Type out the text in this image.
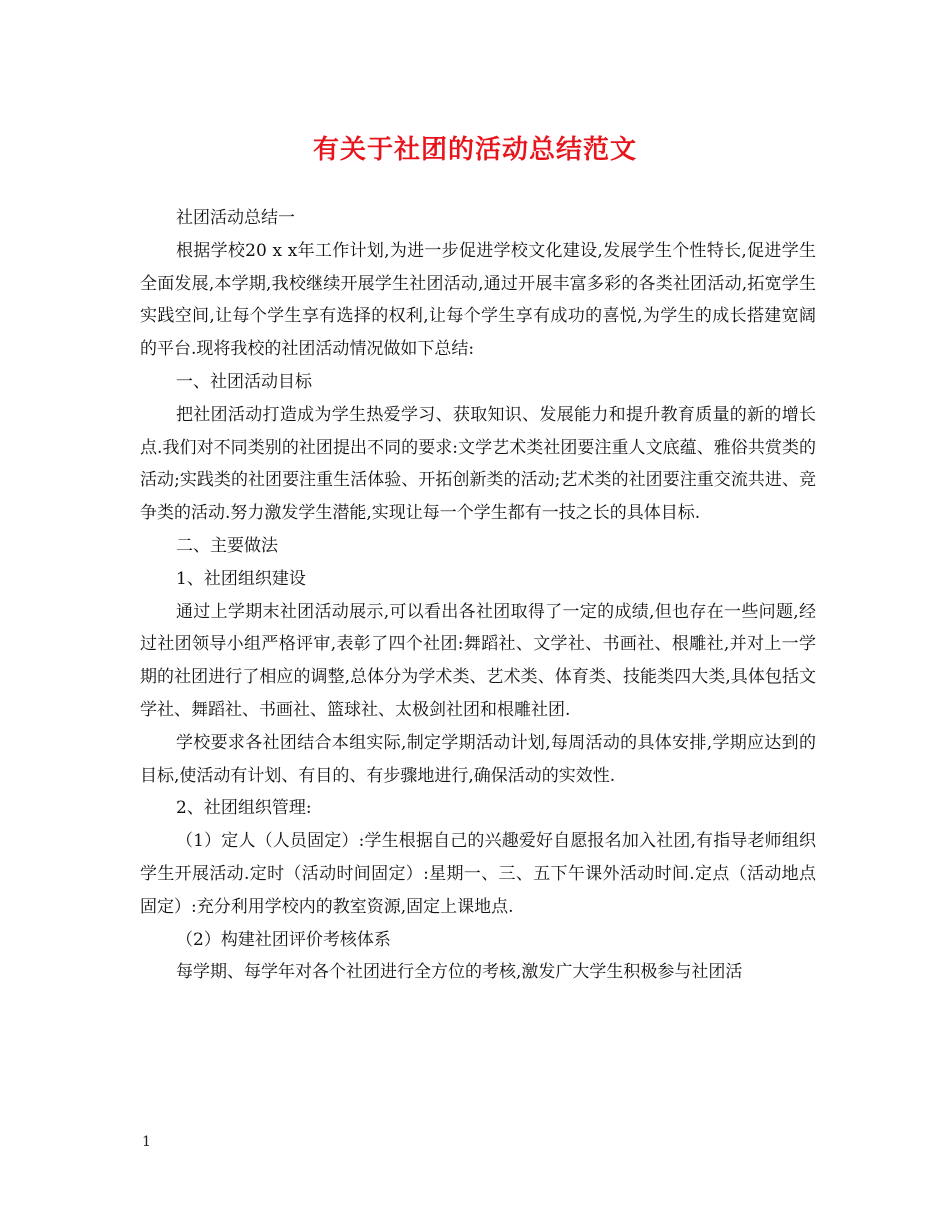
有关于社团的活动总结范文

社团活动总结一

根据学校20 x x年工作计划,为进一步促进学校文化建设,发展学生个性特长,促进学生全面发展,本学期,我校继续开展学生社团活动,通过开展丰富多彩的各类社团活动,拓宽学生实践空间,让每个学生享有选择的权利,让每个学生享有成功的喜悦,为学生的成长搭建宽阔的平台.现将我校的社团活动情况做如下总结:

一、社团活动目标

把社团活动打造成为学生热爱学习、获取知识、发展能力和提升教育质量的新的增长点.我们对不同类别的社团提出不同的要求:文学艺术类社团要注重人文底蕴、雅俗共赏类的活动;实践类的社团要注重生活体验、开拓创新类的活动;艺术类的社团要注重交流共进、竞争类的活动.努力激发学生潜能,实现让每一个学生都有一技之长的具体目标.

二、主要做法

1、社团组织建设

通过上学期末社团活动展示,可以看出各社团取得了一定的成绩,但也存在一些问题,经过社团领导小组严格评审,表彰了四个社团:舞蹈社、文学社、书画社、根雕社,并对上一学期的社团进行了相应的调整,总体分为学术类、艺术类、体育类、技能类四大类,具体包括文学社、舞蹈社、书画社、篮球社、太极剑社团和根雕社团.

学校要求各社团结合本组实际,制定学期活动计划,每周活动的具体安排,学期应达到的目标,使活动有计划、有目的、有步骤地进行,确保活动的实效性.

2、社团组织管理:

（1）定人（人员固定）:学生根据自己的兴趣爱好自愿报名加入社团,有指导老师组织学生开展活动.定时（活动时间固定）:星期一、三、五下午课外活动时间.定点（活动地点固定）:充分利用学校内的教室资源,固定上课地点.

（2）构建社团评价考核体系

每学期、每学年对各个社团进行全方位的考核,激发广大学生积极参与社团活

1
